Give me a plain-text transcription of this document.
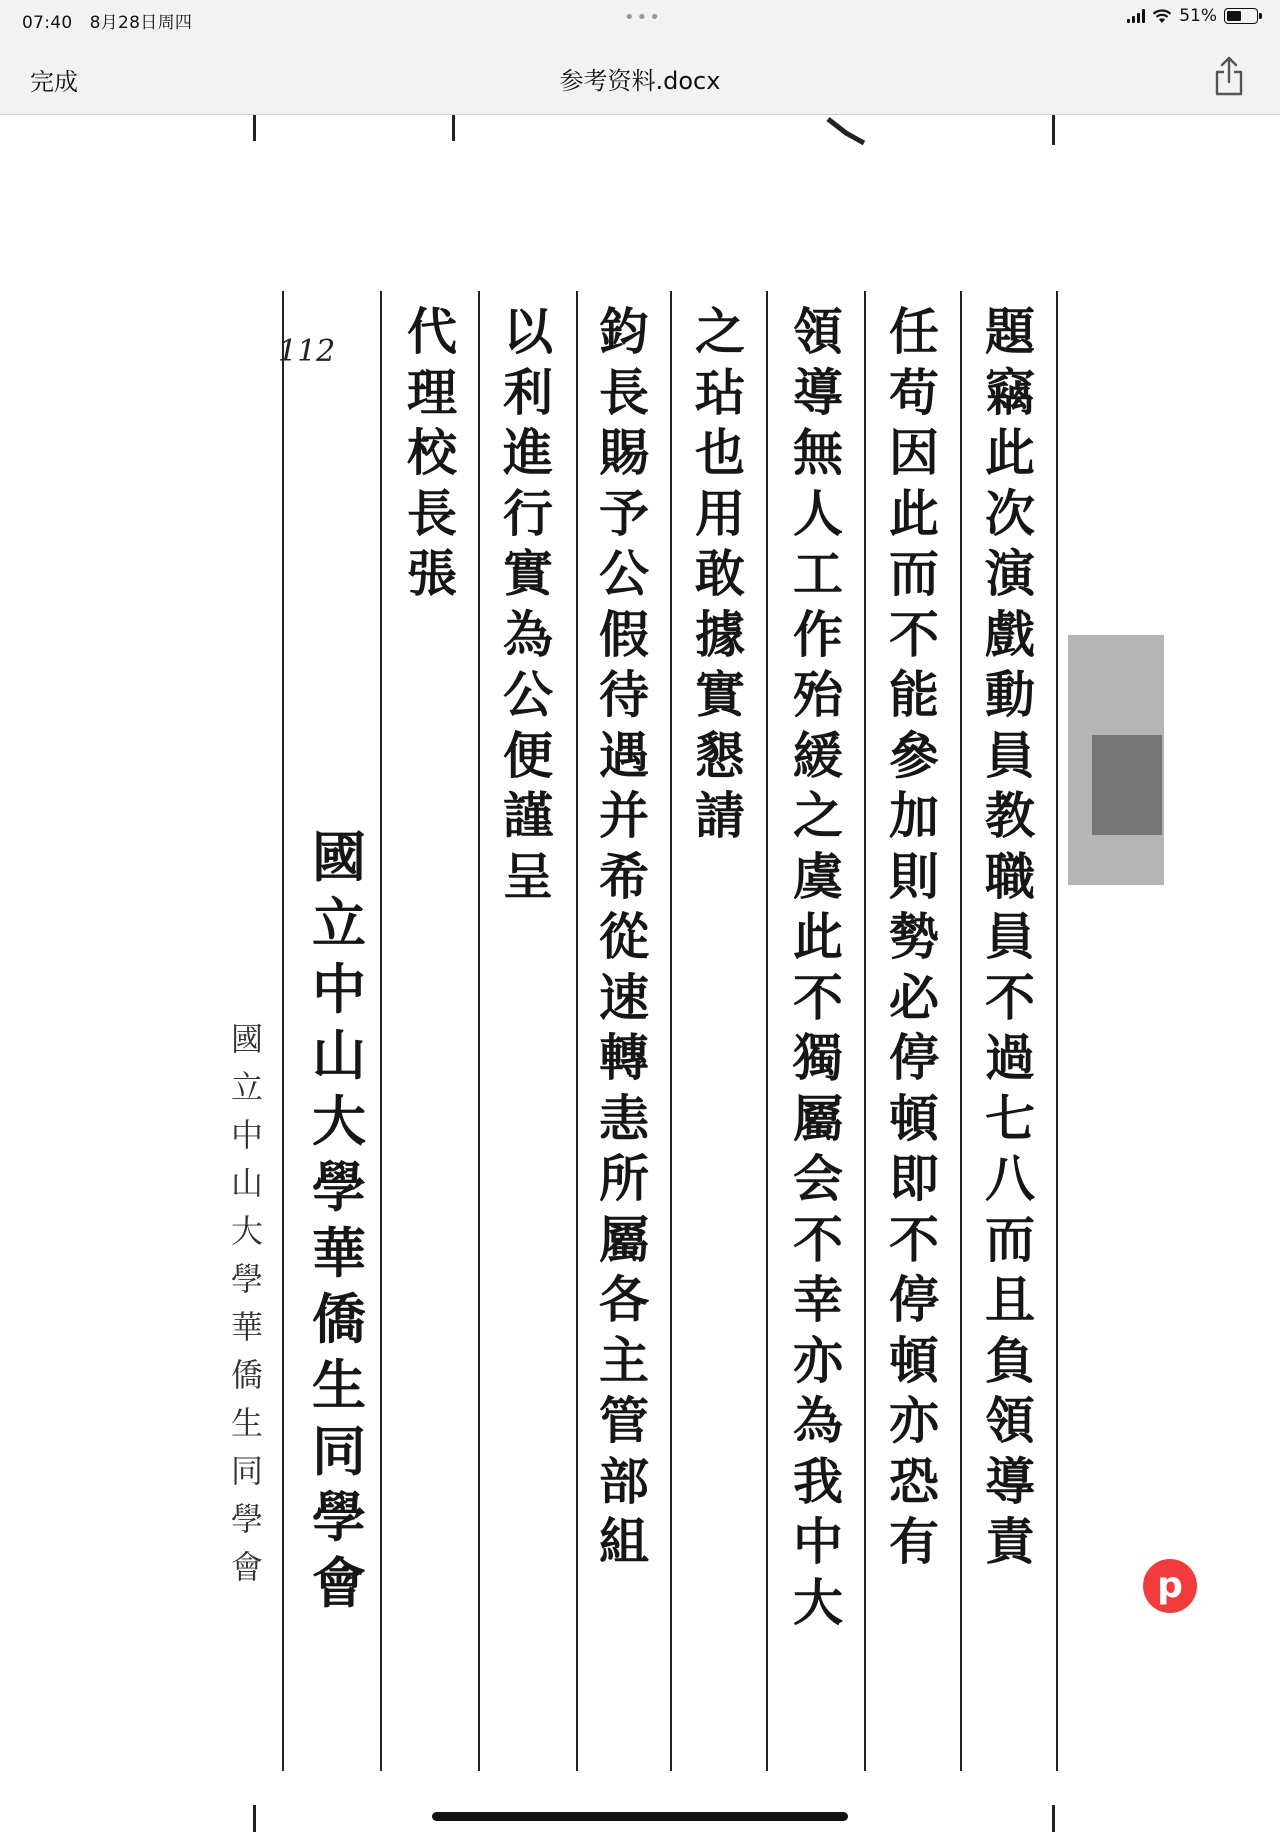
07:40 8月28日周四	•••	51%
完成	参考资料.docx
112	題
竊
此
次
演
戲
動
員
教
職
員
不
過
七
八
而
且
負
領
導
責
任
苟
因
此
而
不
能
參
加
則
勢
必
停
頓
即
不
停
頓
亦
恐
有
領
導
無
人
工
作
殆
緩
之
虞
此
不
獨
屬
会
不
幸
亦
為
我
中
大
之
玷
也
用
敢
據
實
懇
請
鈞
長
賜
予
公
假
待
遇
并
希
從
速
轉
恚
所
屬
各
主
管
部
組
以
利
進
行
實
為
公
便
謹
呈
代
理
校
長
張
國
立
中
山
大
學
華
僑
生
同
學
會
國
立
中
山
大
學
華
僑
生
同
學
會	p
